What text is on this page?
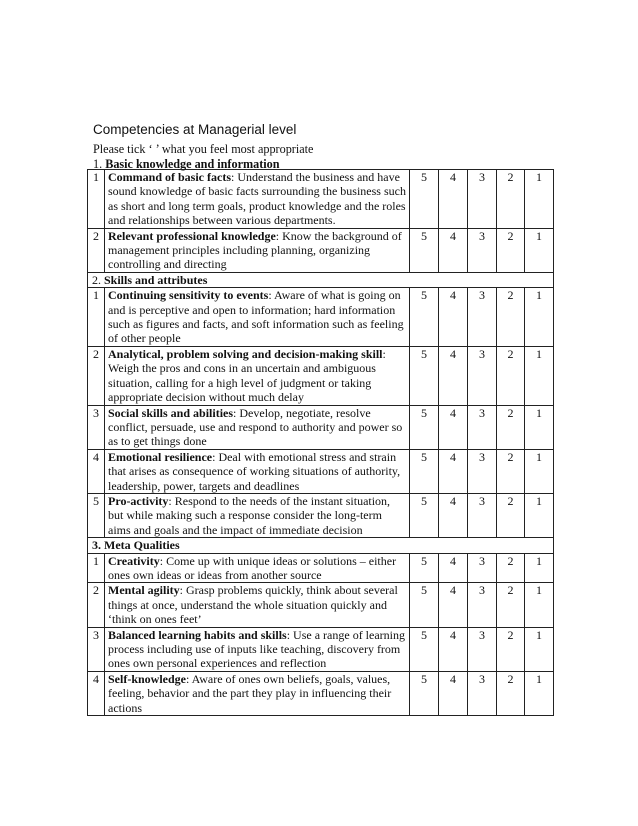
Competencies at Managerial level
Please tick ‘ ’ what you feel most appropriate
1. Basic knowledge and information
1	Command of basic facts: Understand the business and have sound knowledge of basic facts surrounding the business such as short and long term goals, product knowledge and the roles and relationships between various departments.	5	4	3	2	1
2	Relevant professional knowledge: Know the background of management principles including planning, organizing controlling and directing	5	4	3	2	1
2. Skills and attributes						
1	Continuing sensitivity to events: Aware of what is going on and is perceptive and open to information; hard information such as figures and facts, and soft information such as feeling of other people	5	4	3	2	1
2	Analytical, problem solving and decision-making skill: Weigh the pros and cons in an uncertain and ambiguous situation, calling for a high level of judgment or taking appropriate decision without much delay	5	4	3	2	1
3	Social skills and abilities: Develop, negotiate, resolve conflict, persuade, use and respond to authority and power so as to get things done	5	4	3	2	1
4	Emotional resilience: Deal with emotional stress and strain that arises as consequence of working situations of authority, leadership, power, targets and deadlines	5	4	3	2	1
5	Pro-activity: Respond to the needs of the instant situation, but while making such a response consider the long-term aims and goals and the impact of immediate decision	5	4	3	2	1
3. Meta Qualities						
1	Creativity: Come up with unique ideas or solutions – either ones own ideas or ideas from another source	5	4	3	2	1
2	Mental agility: Grasp problems quickly, think about several things at once, understand the whole situation quickly and ‘think on ones feet’	5	4	3	2	1
3	Balanced learning habits and skills: Use a range of learning process including use of inputs like teaching, discovery from ones own personal experiences and reflection	5	4	3	2	1
4	Self-knowledge: Aware of ones own beliefs, goals, values, feeling, behavior and the part they play in influencing their actions	5	4	3	2	1
